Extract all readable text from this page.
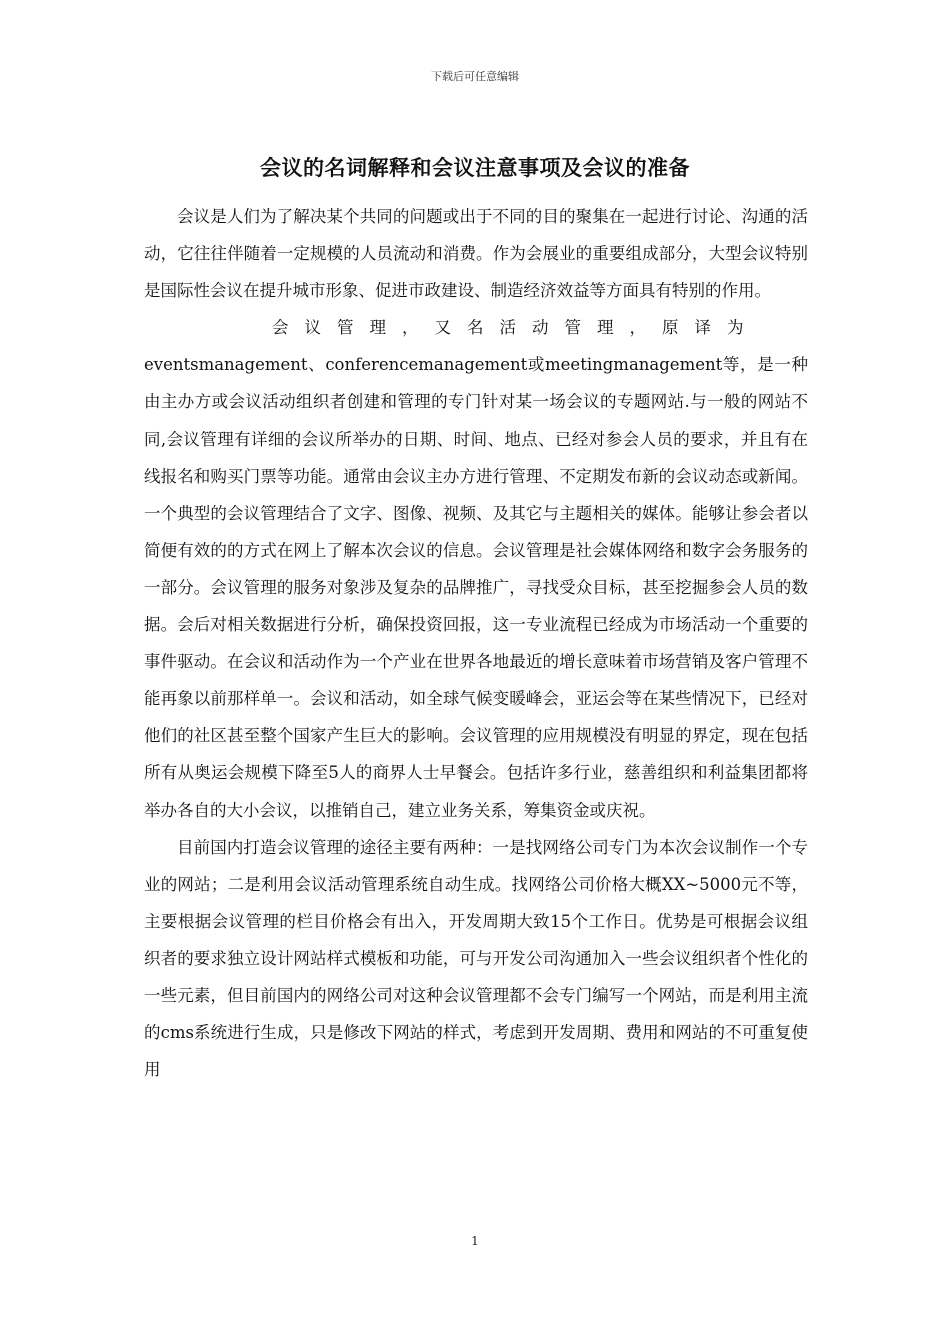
下载后可任意编辑
会议的名词解释和会议注意事项及会议的准备

会议是人们为了解决某个共同的问题或出于不同的目的聚集在一起进行讨论、沟通的活动，它往往伴随着一定规模的人员流动和消费。作为会展业的重要组成部分，大型会议特别是国际性会议在提升城市形象、促进市政建设、制造经济效益等方面具有特别的作用。

会议管理，又名活动管理，原译为

eventsmanagement、conferencemanagement或meetingmanagement等，是一种由主办方或会议活动组织者创建和管理的专门针对某一场会议的专题网站.与一般的网站不同,会议管理有详细的会议所举办的日期、时间、地点、已经对参会人员的要求，并且有在线报名和购买门票等功能。通常由会议主办方进行管理、不定期发布新的会议动态或新闻。一个典型的会议管理结合了文字、图像、视频、及其它与主题相关的媒体。能够让参会者以简便有效的的方式在网上了解本次会议的信息。会议管理是社会媒体网络和数字会务服务的一部分。会议管理的服务对象涉及复杂的品牌推广，寻找受众目标，甚至挖掘参会人员的数据。会后对相关数据进行分析，确保投资回报，这一专业流程已经成为市场活动一个重要的事件驱动。在会议和活动作为一个产业在世界各地最近的增长意味着市场营销及客户管理不能再象以前那样单一。会议和活动，如全球气候变暖峰会，亚运会等在某些情况下，已经对他们的社区甚至整个国家产生巨大的影响。会议管理的应用规模没有明显的界定，现在包括所有从奥运会规模下降至5人的商界人士早餐会。包括许多行业，慈善组织和利益集团都将举办各自的大小会议，以推销自己，建立业务关系，筹集资金或庆祝。

目前国内打造会议管理的途径主要有两种：一是找网络公司专门为本次会议制作一个专业的网站；二是利用会议活动管理系统自动生成。找网络公司价格大概XX~5000元不等，主要根据会议管理的栏目价格会有出入，开发周期大致15个工作日。优势是可根据会议组织者的要求独立设计网站样式模板和功能，可与开发公司沟通加入一些会议组织者个性化的一些元素，但目前国内的网络公司对这种会议管理都不会专门编写一个网站，而是利用主流的cms系统进行生成，只是修改下网站的样式，考虑到开发周期、费用和网站的不可重复使用

1
